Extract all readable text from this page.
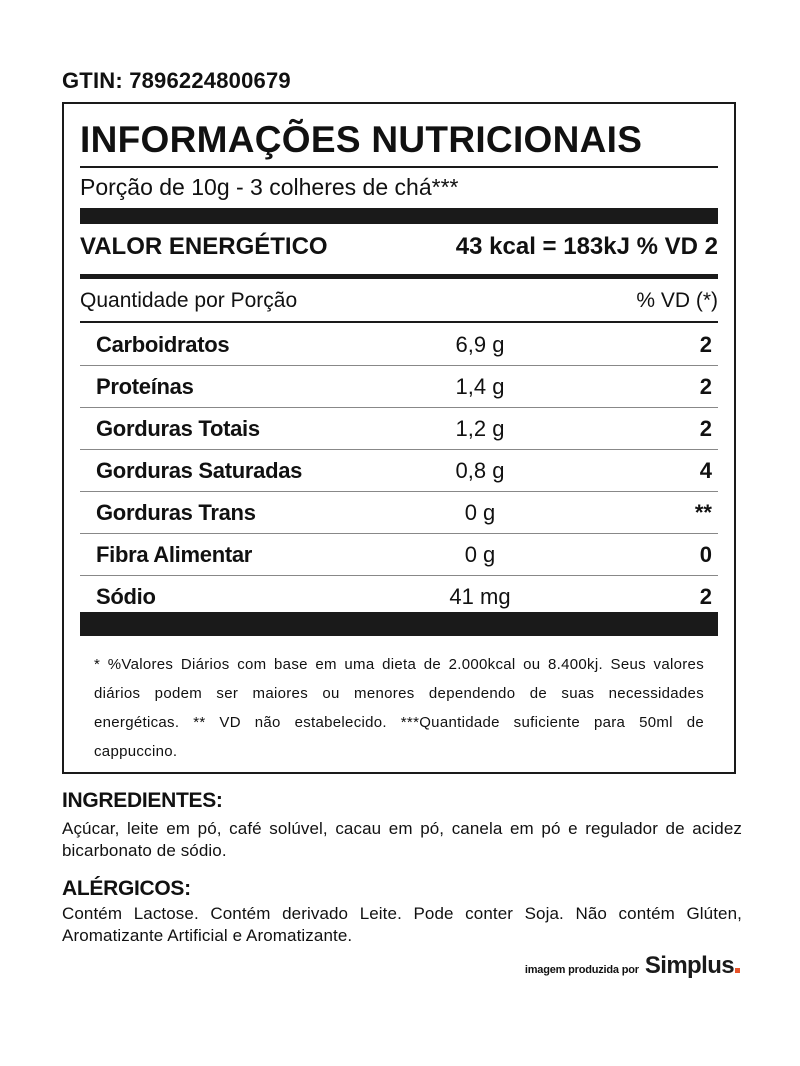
GTIN: 7896224800679
INFORMAÇÕES NUTRICIONAIS
Porção de 10g - 3 colheres de chá***
VALOR ENERGÉTICO	43 kcal = 183kJ % VD 2
Quantidade por Porção	% VD (*)
Carboidratos	6,9 g	2
Proteínas	1,4 g	2
Gorduras Totais	1,2 g	2
Gorduras Saturadas	0,8 g	4
Gorduras Trans	0 g	**
Fibra Alimentar	0 g	0
Sódio	41 mg	2
* %Valores Diários com base em uma dieta de 2.000kcal ou 8.400kj. Seus valores diários podem ser maiores ou menores dependendo de suas necessidades energéticas. ** VD não estabelecido. ***Quantidade suficiente para 50ml de cappuccino.
INGREDIENTES:
Açúcar, leite em pó, café solúvel, cacau em pó, canela em pó e regulador de acidez bicarbonato de sódio.
ALÉRGICOS:
Contém Lactose. Contém derivado Leite. Pode conter Soja. Não contém Glúten, Aromatizante Artificial e Aromatizante.
imagem produzida por Simplus
